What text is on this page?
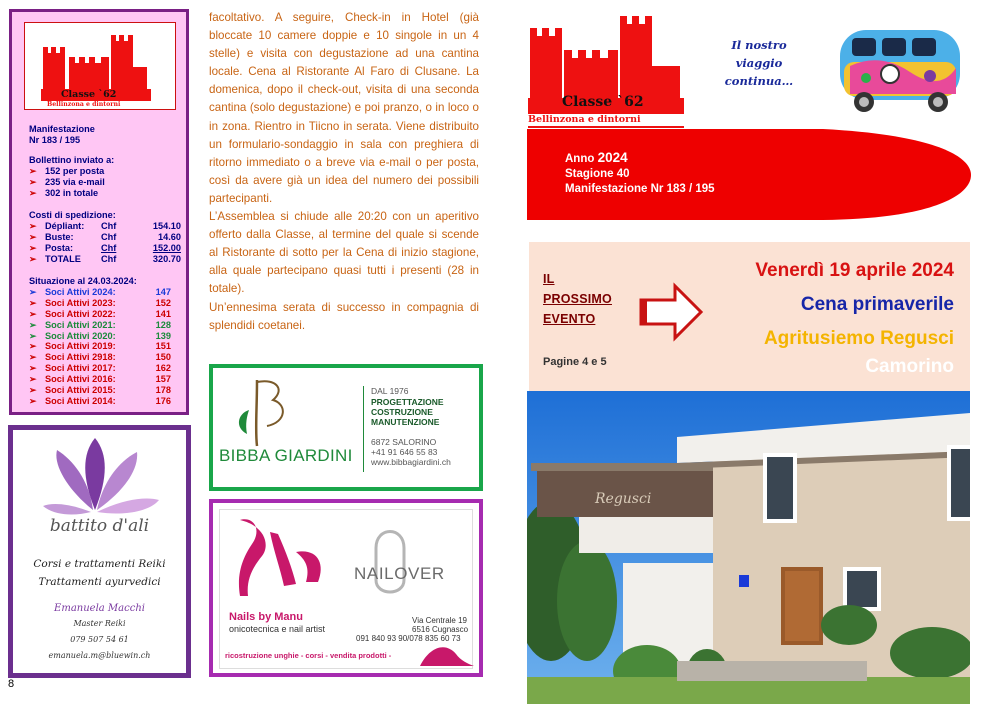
Classe `62
Bellinzona e dintorni
Manifestazione
Nr 183 / 195
Bollettino inviato a:
➢ 152 per posta
➢ 235 via e-mail
➢ 302 in totale
Costi di spedizione:
➢ Dépliant:	Chf	154.10
➢ Buste:	Chf	14.60
➢ Posta:	Chf	152.00
➢ TOTALE	Chf	320.70
Situazione al 24.03.2024:
➢ Soci Attivi 2024:	147
➢ Soci Attivi 2023:	152
➢ Soci Attivi 2022:	141
➢ Soci Attivi 2021:	128
➢ Soci Attivi 2020:	139
➢ Soci Attivi 2019:	151
➢ Soci Attivi 2918:	150
➢ Soci Attivi 2017:	162
➢ Soci Attivi 2016:	157
➢ Soci Attivi 2015:	178
➢ Soci Attivi 2014:	176
battito d'ali
Corsi e trattamenti Reiki
Trattamenti ayurvedici
Emanuela Macchi
Master Reiki
079 507 54 61
emanuela.m@bluewin.ch
8

facoltativo. A seguire, Check-in in Hotel (già bloccate 10 camere doppie e 10 singole in un 4 stelle) e visita con degustazione ad una cantina locale. Cena al Ristorante Al Faro di Clusane. La domenica, dopo il check-out, visita di una seconda cantina (solo degustazione) e poi pranzo, o in loco o in zona. Rientro in Tiicno in serata. Viene distribuito un formulario-sondaggio in sala con preghiera di ritorno immediato o a breve via e-mail o per posta, così da avere già un idea del numero dei possibili partecipanti.

L’Assemblea si chiude alle 20:20 con un aperitivo offerto dalla Classe, al termine del quale si scende al Ristorante di sotto per la Cena di inizio stagione, alla quale partecipano quasi tutti i presenti (28 in totale).

Un’ennesima serata di successo in compagnia di splendidi coetanei.

BIBBA GIARDINI
DAL 1976
PROGETTAZIONE
COSTRUZIONE
MANUTENZIONE
6872 SALORINO
+41 91 646 55 83
www.bibbagiardini.ch
NAILOVER
Nails by Manu
onicotecnica e nail artist
Via Centrale 19
6516 Cugnasco
091 840 93 90/078 835 60 73
ricostruzione unghie - corsi - vendita prodotti -
Classe `62
Bellinzona e dintorni
Il nostro
viaggio
continua…
Anno 2024
Stagione 40
Manifestazione Nr 183 / 195
IL
PROSSIMO
EVENTO
Pagine 4 e 5
Venerdì 19 aprile 2024
Cena primaverile
Agritusiemo Regusci
Camorino
Regusci
